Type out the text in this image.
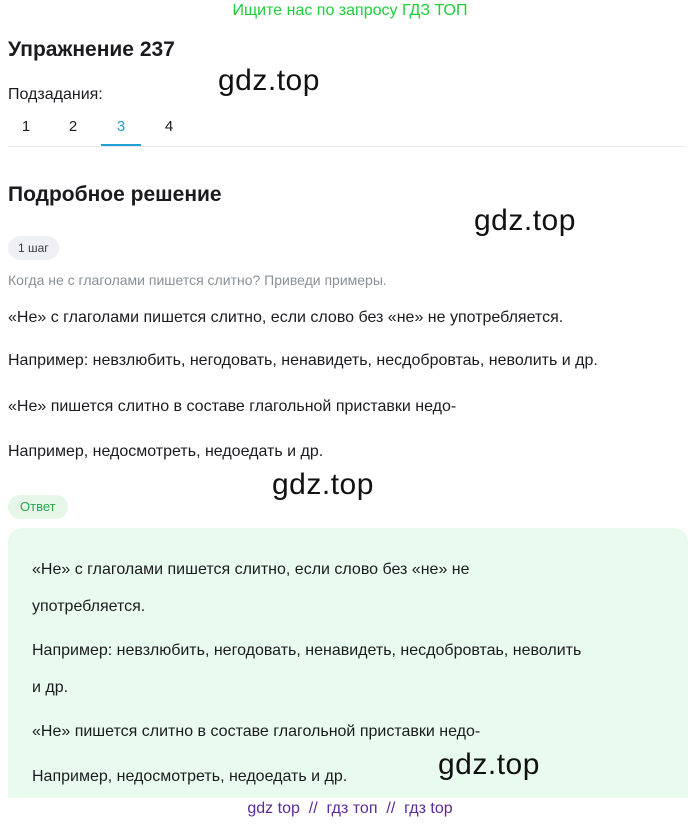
Ищите нас по запросу ГДЗ ТОП
Упражнение 237
Подзадания:
1	2	3	4
Подробное решение
1 шаг
Когда не с глаголами пишется слитно? Приведи примеры.
«Не» с глаголами пишется слитно, если слово без «не» не употребляется.
Например: невзлюбить, негодовать, ненавидеть, несдобровтаь, неволить и др.
«Не» пишется слитно в составе глагольной приставки недо-
Например, недосмотреть, недоедать и др.
Ответ
«Не» с глаголами пишется слитно, если слово без «не» не
употребляется.
Например: невзлюбить, негодовать, ненавидеть, несдобровтаь, неволить
и др.
«Не» пишется слитно в составе глагольной приставки недо-
Например, недосмотреть, недоедать и др.
gdz.top
gdz.top
gdz.top
gdz.top
gdz top  //  гдз топ  //  гдз top
